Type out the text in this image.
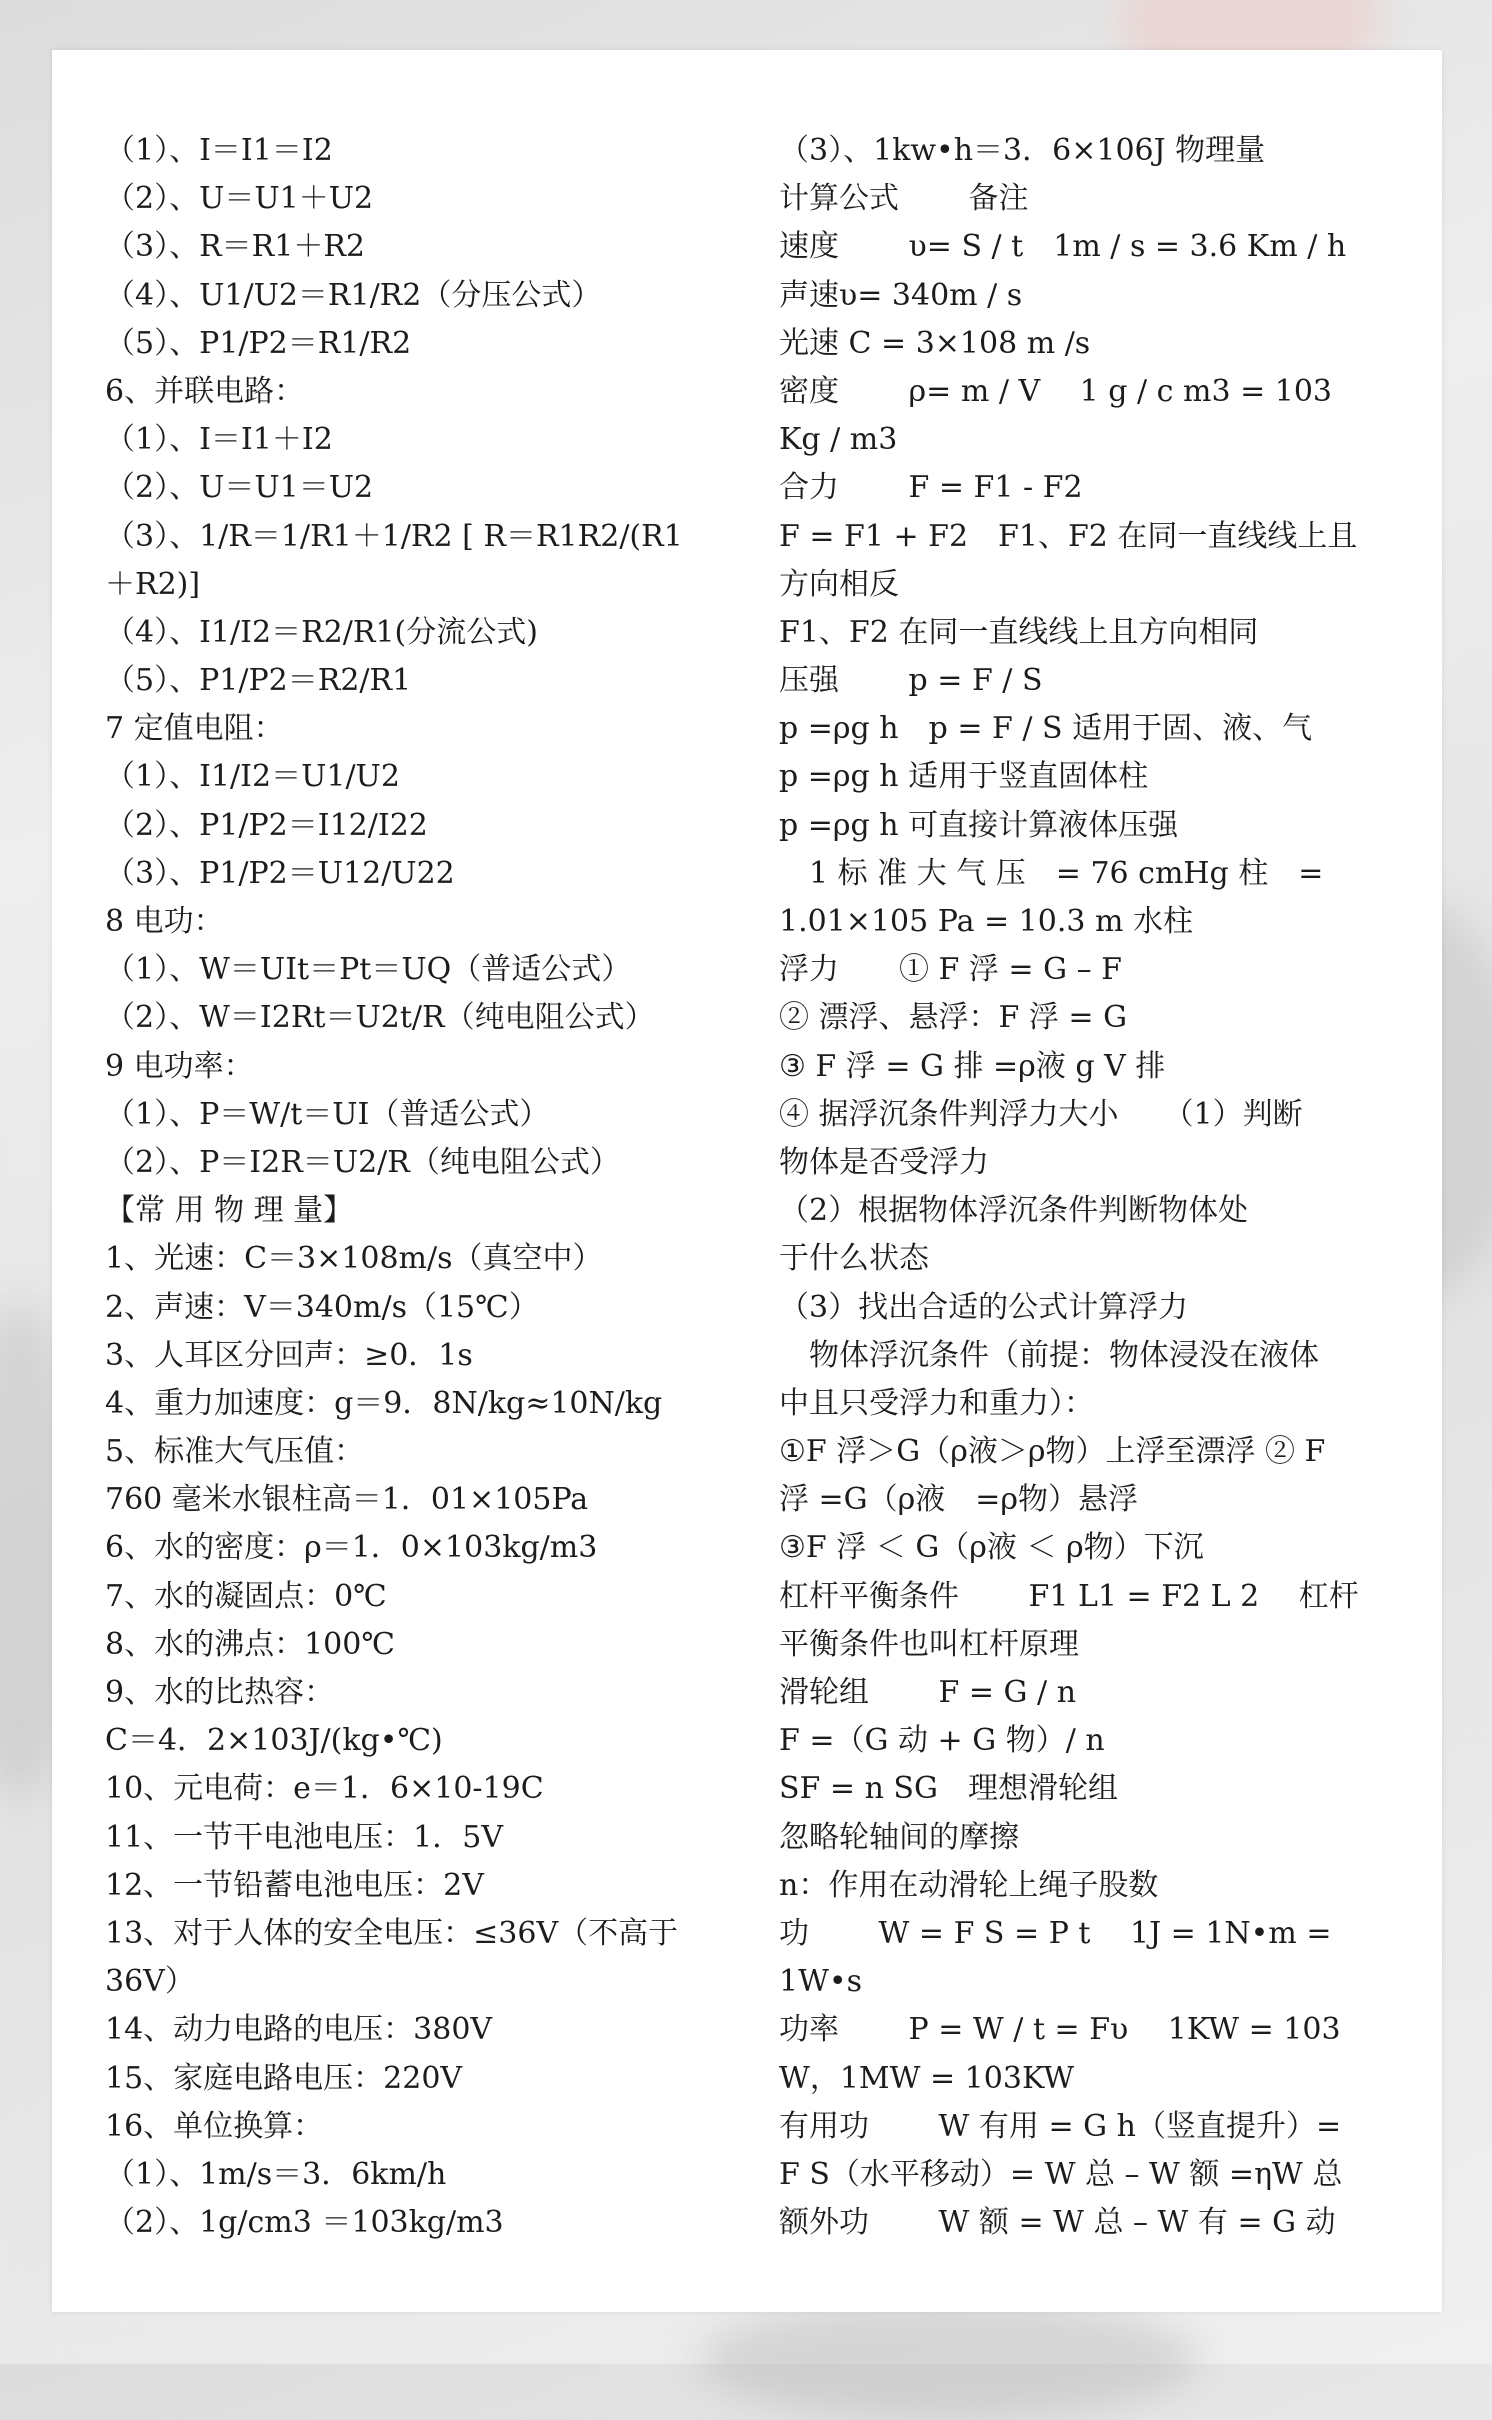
（1）、I＝I1＝I2
（2）、U＝U1＋U2
（3）、R＝R1＋R2
（4）、U1/U2＝R1/R2（分压公式）
（5）、P1/P2＝R1/R2
6、并联电路：
（1）、I＝I1＋I2
（2）、U＝U1＝U2
（3）、1/R＝1/R1＋1/R2 [ R＝R1R2/(R1
＋R2)]
（4）、I1/I2＝R2/R1(分流公式)
（5）、P1/P2＝R2/R1
7 定值电阻：
（1）、I1/I2＝U1/U2
（2）、P1/P2＝I12/I22
（3）、P1/P2＝U12/U22
8 电功：
（1）、W＝UIt＝Pt＝UQ（普适公式）
（2）、W＝I2Rt＝U2t/R（纯电阻公式）
9 电功率：
（1）、P＝W/t＝UI（普适公式）
（2）、P＝I2R＝U2/R（纯电阻公式）
【常 用 物 理 量】
1、光速：C＝3×108m/s（真空中）
2、声速：V＝340m/s（15℃）
3、人耳区分回声：≥0．1s
4、重力加速度：g＝9．8N/kg≈10N/kg
5、标准大气压值：
760 毫米水银柱高＝1．01×105Pa
6、水的密度：ρ＝1．0×103kg/m3
7、水的凝固点：0℃
8、水的沸点：100℃
9、水的比热容：
C＝4．2×103J/(kg•℃)
10、元电荷：e＝1．6×10-19C
11、一节干电池电压：1．5V
12、一节铅蓄电池电压：2V
13、对于人体的安全电压：≤36V（不高于
36V）
14、动力电路的电压：380V
15、家庭电路电压：220V
16、单位换算：
（1）、1m/s＝3．6km/h
（2）、1g/cm3 ＝103kg/m3
（3）、1kw•h＝3．6×106J 物理量
计算公式　　 备注
速度　　 υ= S / t　1m / s = 3.6 Km / h
声速υ= 340m / s
光速 C = 3×108 m /s
密度　　 ρ= m / V　 1 g / c m3 = 103
Kg / m3
合力　　 F = F1 - F2
F = F1 + F2　F1、F2 在同一直线线上且
方向相反
F1、F2 在同一直线线上且方向相同
压强　　 p = F / S
p =ρg h　p = F / S 适用于固、液、气
p =ρg h 适用于竖直固体柱
p =ρg h 可直接计算液体压强
　1 标 准 大 气 压　= 76 cmHg 柱　=
1.01×105 Pa = 10.3 m 水柱
浮力　　① F 浮 = G – F
② 漂浮、悬浮：F 浮 = G
③ F 浮 = G 排 =ρ液 g V 排
④ 据浮沉条件判浮力大小　　（1）判断
物体是否受浮力
（2）根据物体浮沉条件判断物体处
于什么状态
（3）找出合适的公式计算浮力
　物体浮沉条件（前提：物体浸没在液体
中且只受浮力和重力）：
①F 浮＞G（ρ液＞ρ物）上浮至漂浮 ② F
浮 =G（ρ液　=ρ物）悬浮
③F 浮 ＜ G（ρ液 ＜ ρ物）下沉
杠杆平衡条件　　 F1 L1 = F2 L 2　 杠杆
平衡条件也叫杠杆原理
滑轮组　　 F = G / n
F =（G 动 + G 物）/ n
SF = n SG　理想滑轮组
忽略轮轴间的摩擦
n：作用在动滑轮上绳子股数
功　　 W = F S = P t　 1J = 1N•m =
1W•s
功率　　 P = W / t = Fυ　 1KW = 103
W，1MW = 103KW
有用功　　 W 有用 = G h（竖直提升）=
F S（水平移动）= W 总 – W 额 =ηW 总
额外功　　 W 额 = W 总 – W 有 = G 动
